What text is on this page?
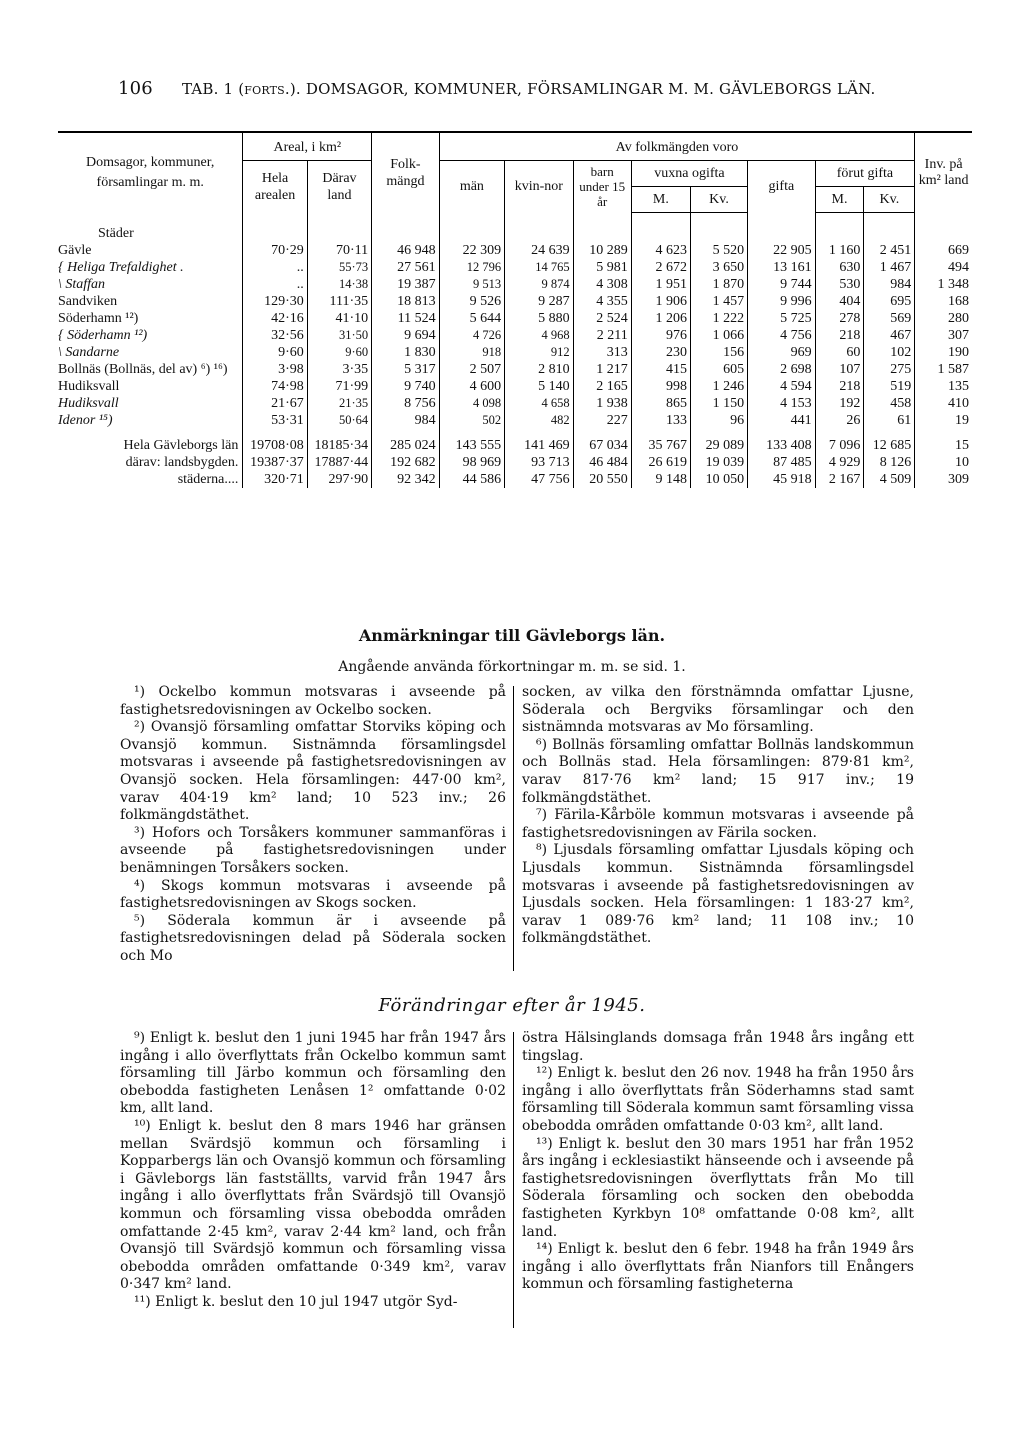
106 TAB. 1 (forts.). DOMSAGOR, KOMMUNER, FÖRSAMLINGAR M. M. GÄVLEBORGS LÄN.
Domsagor, kommuner, församlingar m. m.	Areal, i km²		Folk-mängd	Av folkmängden voro								Inv. på km² land
	Hela arealen	Därav land		män	kvin-nor	barn under 15 år	vuxna ogifta		gifta	förut gifta		
							M.	Kv.		M.	Kv.	
Städer												
Gävle	70·29	70·11	46 948	22 309	24 639	10 289	4 623	5 520	22 905	1 160	2 451	669
{ Heliga Trefaldighet .	..	55·73	27 561	12 796	14 765	5 981	2 672	3 650	13 161	630	1 467	494
\ Staffan	..	14·38	19 387	9 513	9 874	4 308	1 951	1 870	9 744	530	984	1 348
Sandviken	129·30	111·35	18 813	9 526	9 287	4 355	1 906	1 457	9 996	404	695	168
Söderhamn ¹²)	42·16	41·10	11 524	5 644	5 880	2 524	1 206	1 222	5 725	278	569	280
{ Söderhamn ¹²)	32·56	31·50	9 694	4 726	4 968	2 211	976	1 066	4 756	218	467	307
\ Sandarne	9·60	9·60	1 830	918	912	313	230	156	969	60	102	190
Bollnäs (Bollnäs, del av) ⁶) ¹⁶)	3·98	3·35	5 317	2 507	2 810	1 217	415	605	2 698	107	275	1 587
Hudiksvall	74·98	71·99	9 740	4 600	5 140	2 165	998	1 246	4 594	218	519	135
Hudiksvall	21·67	21·35	8 756	4 098	4 658	1 938	865	1 150	4 153	192	458	410
Idenor ¹⁵)	53·31	50·64	984	502	482	227	133	96	441	26	61	19
Hela Gävleborgs län	19708·08	18185·34	285 024	143 555	141 469	67 034	35 767	29 089	133 408	7 096	12 685	15
därav: landsbygden.	19387·37	17887·44	192 682	98 969	93 713	46 484	26 619	19 039	87 485	4 929	8 126	10
städerna....	320·71	297·90	92 342	44 586	47 756	20 550	9 148	10 050	45 918	2 167	4 509	309
Anmärkningar till Gävleborgs län.
Angående använda förkortningar m. m. se sid. 1.

¹) Ockelbo kommun motsvaras i avseende på fastighetsredovisningen av Ockelbo socken.

²) Ovansjö församling omfattar Storviks köping och Ovansjö kommun. Sistnämnda församlingsdel motsvaras i avseende på fastighetsredovisningen av Ovansjö socken. Hela församlingen: 447·00 km², varav 404·19 km² land; 10 523 inv.; 26 folkmängdstäthet.

³) Hofors och Torsåkers kommuner sammanföras i avseende på fastighetsredovisningen under benämningen Torsåkers socken.

⁴) Skogs kommun motsvaras i avseende på fastighetsredovisningen av Skogs socken.

⁵) Söderala kommun är i avseende på fastighetsredovisningen delad på Söderala socken och Mo

socken, av vilka den förstnämnda omfattar Ljusne, Söderala och Bergviks församlingar och den sistnämnda motsvaras av Mo församling.

⁶) Bollnäs församling omfattar Bollnäs landskommun och Bollnäs stad. Hela församlingen: 879·81 km², varav 817·76 km² land; 15 917 inv.; 19 folkmängdstäthet.

⁷) Färila-Kårböle kommun motsvaras i avseende på fastighetsredovisningen av Färila socken.

⁸) Ljusdals församling omfattar Ljusdals köping och Ljusdals kommun. Sistnämnda församlingsdel motsvaras i avseende på fastighetsredovisningen av Ljusdals socken. Hela församlingen: 1 183·27 km², varav 1 089·76 km² land; 11 108 inv.; 10 folkmängdstäthet.

Förändringar efter år 1945.

⁹) Enligt k. beslut den 1 juni 1945 har från 1947 års ingång i allo överflyttats från Ockelbo kommun samt församling till Järbo kommun och församling den obebodda fastigheten Lenåsen 1² omfattande 0·02 km, allt land.

¹⁰) Enligt k. beslut den 8 mars 1946 har gränsen mellan Svärdsjö kommun och församling i Kopparbergs län och Ovansjö kommun och församling i Gävleborgs län fastställts, varvid från 1947 års ingång i allo överflyttats från Svärdsjö till Ovansjö kommun och församling vissa obebodda områden omfattande 2·45 km², varav 2·44 km² land, och från Ovansjö till Svärdsjö kommun och församling vissa obebodda områden omfattande 0·349 km², varav 0·347 km² land.

¹¹) Enligt k. beslut den 10 jul 1947 utgör Syd-

östra Hälsinglands domsaga från 1948 års ingång ett tingslag.

¹²) Enligt k. beslut den 26 nov. 1948 ha från 1950 års ingång i allo överflyttats från Söderhamns stad samt församling till Söderala kommun samt församling vissa obebodda områden omfattande 0·03 km², allt land.

¹³) Enligt k. beslut den 30 mars 1951 har från 1952 års ingång i ecklesiastikt hänseende och i avseende på fastighetsredovisningen överflyttats från Mo till Söderala församling och socken den obebodda fastigheten Kyrkbyn 10⁸ omfattande 0·08 km², allt land.

¹⁴) Enligt k. beslut den 6 febr. 1948 ha från 1949 års ingång i allo överflyttats från Nianfors till Enångers kommun och församling fastigheterna
